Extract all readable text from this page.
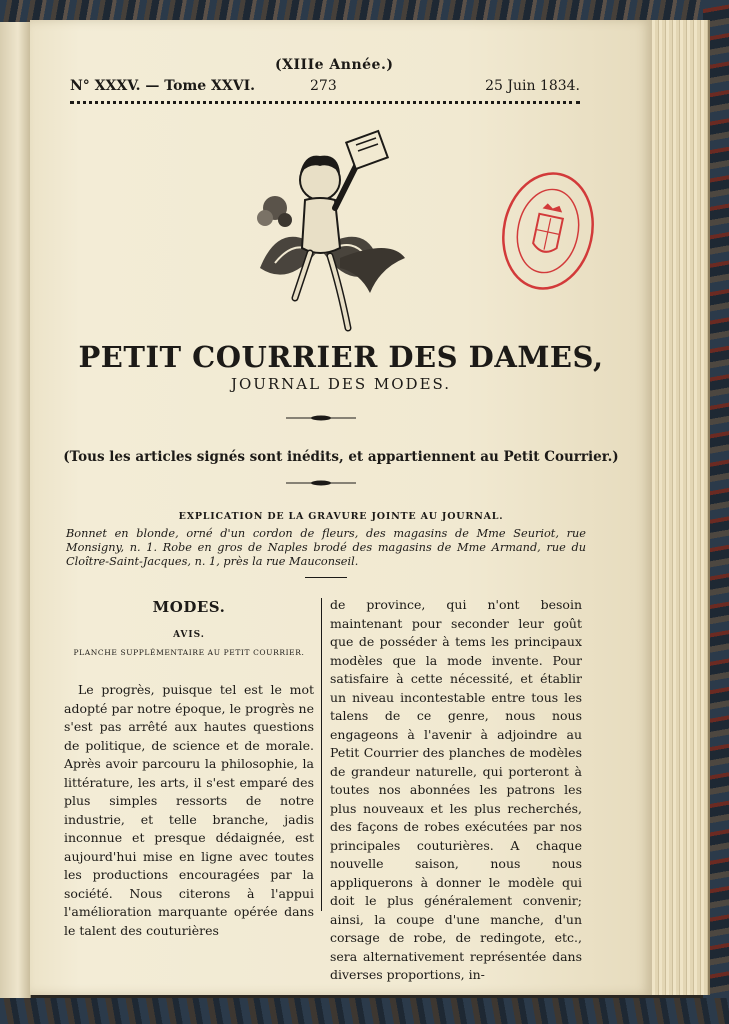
(XIIIe Année.)
N° XXXV. — Tome XXVI.	273	25 Juin 1834.
PETIT COURRIER DES DAMES,
JOURNAL DES MODES.
(Tous les articles signés sont inédits, et appartiennent au Petit Courrier.)
EXPLICATION DE LA GRAVURE JOINTE AU JOURNAL.
Bonnet en blonde, orné d'un cordon de fleurs, des magasins de Mme Seuriot, rue Monsigny, n. 1. Robe en gros de Naples brodé des magasins de Mme Armand, rue du Cloître-Saint-Jacques, n. 1, près la rue Mauconseil.
MODES.
AVIS.
PLANCHE SUPPLÉMENTAIRE AU PETIT COURRIER.

Le progrès, puisque tel est le mot adopté par notre époque, le progrès ne s'est pas arrêté aux hautes questions de politique, de science et de morale. Après avoir parcouru la philosophie, la littérature, les arts, il s'est emparé des plus simples ressorts de notre industrie, et telle branche, jadis inconnue et presque dédaignée, est aujourd'hui mise en ligne avec toutes les productions encouragées par la société. Nous citerons à l'appui l'amélioration marquante opérée dans le talent des couturières

de province, qui n'ont besoin maintenant pour seconder leur goût que de posséder à tems les principaux modèles que la mode invente. Pour satisfaire à cette nécessité, et établir un niveau incontestable entre tous les talens de ce genre, nous nous engageons à l'avenir à adjoindre au Petit Courrier des planches de modèles de grandeur naturelle, qui porteront à toutes nos abonnées les patrons les plus nouveaux et les plus recherchés, des façons de robes exécutées par nos principales couturières. A chaque nouvelle saison, nous nous appliquerons à donner le modèle qui doit le plus généralement convenir; ainsi, la coupe d'une manche, d'un corsage de robe, de redingote, etc., sera alternativement représentée dans diverses proportions, in-
